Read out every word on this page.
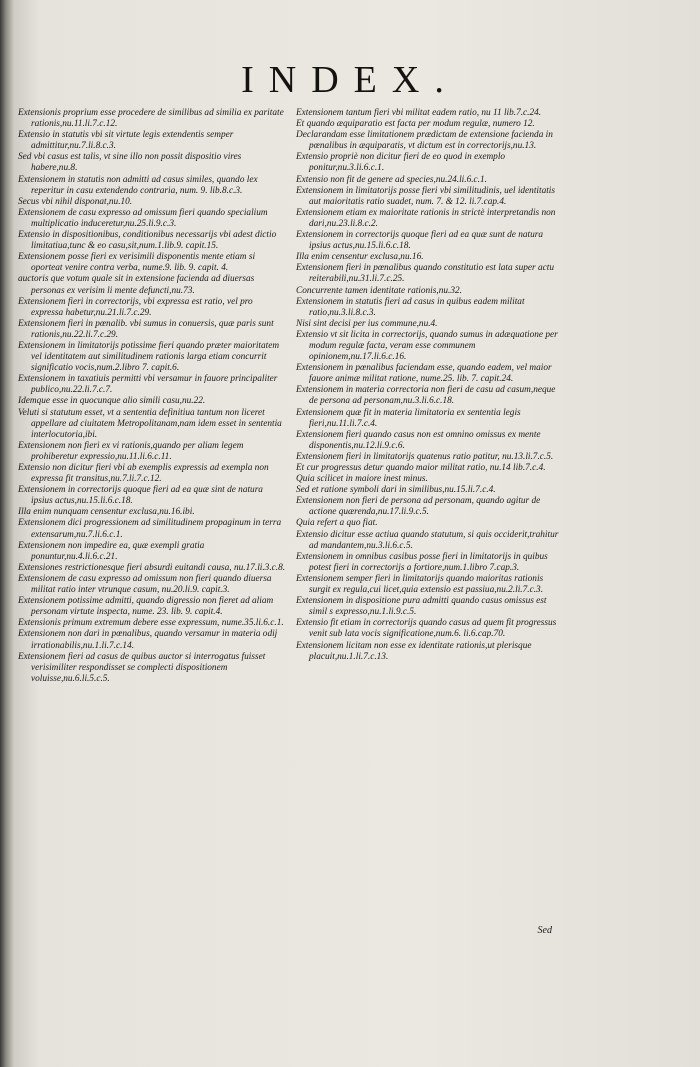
INDEX.

Extensionis proprium esse procedere de similibus ad similia ex paritate rationis,nu.11.li.7.c.12.

Extensio in statutis vbi sit virtute legis extendentis semper admittitur,nu.7.li.8.c.3.

Sed vbi casus est talis, vt sine illo non possit dispositio vires habere,nu.8.

Extensionem in statutis non admitti ad casus similes, quando lex reperitur in casu extendendo contraria, num. 9. lib.8.c.3.

Secus vbi nihil disponat,nu.10.

Extensionem de casu expresso ad omissum fieri quando specialium multiplicatio induceretur,nu.25.li.9.c.3.

Extensio in dispositionibus, conditionibus necessarijs vbi adest dictio limitatiua,tunc & eo casu,sit,num.1.lib.9. capit.15.

Extensionem posse fieri ex verisimili disponentis mente etiam si oporteat venire contra verba, nume.9. lib. 9. capit. 4.

auctoris que votum quale sit in extensione facienda ad diuersas personas ex verisim li mente defuncti,nu.73.

Extensionem fieri in correctorijs, vbi expressa est ratio, vel pro expressa habetur,nu.21.li.7.c.29.

Extensionem fieri in pœnalib. vbi sumus in conuersis, quæ paris sunt rationis,nu.22.li.7.c.29.

Extensionem in limitatorijs potissime fieri quando præter maioritatem vel identitatem aut similitudinem rationis larga etiam concurrit significatio vocis,num.2.libro 7. capit.6.

Extensionem in taxatiuis permitti vbi versamur in fauore principaliter publico,nu.22.li.7.c.7.

Idemque esse in quocunque alio simili casu,nu.22.

Veluti si statutum esset, vt a sententia definitiua tantum non liceret appellare ad ciuitatem Metropolitanam,nam idem esset in sententia interlocutoria,ibi.

Extensionem non fieri ex vi rationis,quando per aliam legem prohiberetur expressio,nu.11.li.6.c.11.

Extensio non dicitur fieri vbi ab exemplis expressis ad exempla non expressa fit transitus,nu.7.li.7.c.12.

Extensionem in correctorijs quoque fieri ad ea quæ sint de natura ipsius actus,nu.15.li.6.c.18.

Illa enim nunquam censentur exclusa,nu.16.ibi.

Extensionem dici progressionem ad similitudinem propaginum in terra extensarum,nu.7.li.6.c.1.

Extensionem non impedire ea, quæ exempli gratia ponuntur,nu.4.li.6.c.21.

Extensiones restrictionesque fieri absurdi euitandi causa, nu.17.li.3.c.8.

Extensionem de casu expresso ad omissum non fieri quando diuersa militat ratio inter vtrunque casum, nu.20.li.9. capit.3.

Extensionem potissime admitti, quando digressio non fieret ad aliam personam virtute inspecta, nume. 23. lib. 9. capit.4.

Extensionis primum extremum debere esse expressum, nume.35.li.6.c.1.

Extensionem non dari in pœnalibus, quando versamur in materia odij irrationabilis,nu.1.li.7.c.14.

Extensionem fieri ad casus de quibus auctor si interrogatus fuisset verisimiliter respondisset se complecti dispositionem voluisse,nu.6.li.5.c.5.

Extensionem tantum fieri vbi militat eadem ratio, nu 11 lib.7.c.24.

Et quando æquiparatio est facta per modum regulæ, numero 12.

Declarandam esse limitationem prædictam de extensione facienda in pœnalibus in æquiparatis, vt dictum est in correctorijs,nu.13.

Extensio propriè non dicitur fieri de eo quod in exemplo ponitur,nu.3.li.6.c.1.

Extensio non fit de genere ad species,nu.24.li.6.c.1.

Extensionem in limitatorijs posse fieri vbi similitudinis, uel identitatis aut maioritatis ratio suadet, num. 7. & 12. li.7.cap.4.

Extensionem etiam ex maioritate rationis in strictè interpretandis non dari,nu.23.li.8.c.2.

Extensionem in correctorijs quoque fieri ad ea quæ sunt de natura ipsius actus,nu.15.li.6.c.18.

Illa enim censentur exclusa,nu.16.

Extensionem fieri in pœnalibus quando constitutio est lata super actu reiterabili,nu.31.li.7.c.25.

Concurrente tamen identitate rationis,nu.32.

Extensionem in statutis fieri ad casus in quibus eadem militat ratio,nu.3.li.8.c.3.

Nisi sint decisi per ius commune,nu.4.

Extensio vt sit licita in correctorijs, quando sumus in adæquatione per modum regulæ facta, veram esse communem opinionem,nu.17.li.6.c.16.

Extensionem in pœnalibus faciendam esse, quando eadem, vel maior fauore animæ militat ratione, nume.25. lib. 7. capit.24.

Extensionem in materia correctoria non fieri de casu ad casum,neque de persona ad personam,nu.3.li.6.c.18.

Extensionem quæ fit in materia limitatoria ex sententia legis fieri,nu.11.li.7.c.4.

Extensionem fieri quando casus non est omnino omissus ex mente disponentis,nu.12.li.9.c.6.

Extensionem fieri in limitatorijs quatenus ratio patitur, nu.13.li.7.c.5.

Et cur progressus detur quando maior militat ratio, nu.14 lib.7.c.4.

Quia scilicet in maiore inest minus.

Sed et ratione symboli dari in similibus,nu.15.li.7.c.4.

Extensionem non fieri de persona ad personam, quando agitur de actione quærenda,nu.17.li.9.c.5.

Quia refert a quo fiat.

Extensio dicitur esse actiua quando statutum, si quis occiderit,trahitur ad mandantem,nu.3.li.6.c.5.

Extensionem in omnibus casibus posse fieri in limitatorijs in quibus potest fieri in correctorijs a fortiore,num.1.libro 7.cap.3.

Extensionem semper fieri in limitatorijs quando maioritas rationis surgit ex regula,cui licet,quia extensio est passiua,nu.2.li.7.c.3.

Extensionem in dispositione pura admitti quando casus omissus est simil s expresso,nu.1.li.9.c.5.

Extensio fit etiam in correctorijs quando casus ad quem fit progressus venit sub lata vocis significatione,num.6. li.6.cap.70.

Extensionem licitam non esse ex identitate rationis,ut plerisque placuit,nu.1.li.7.c.13.

Sed
